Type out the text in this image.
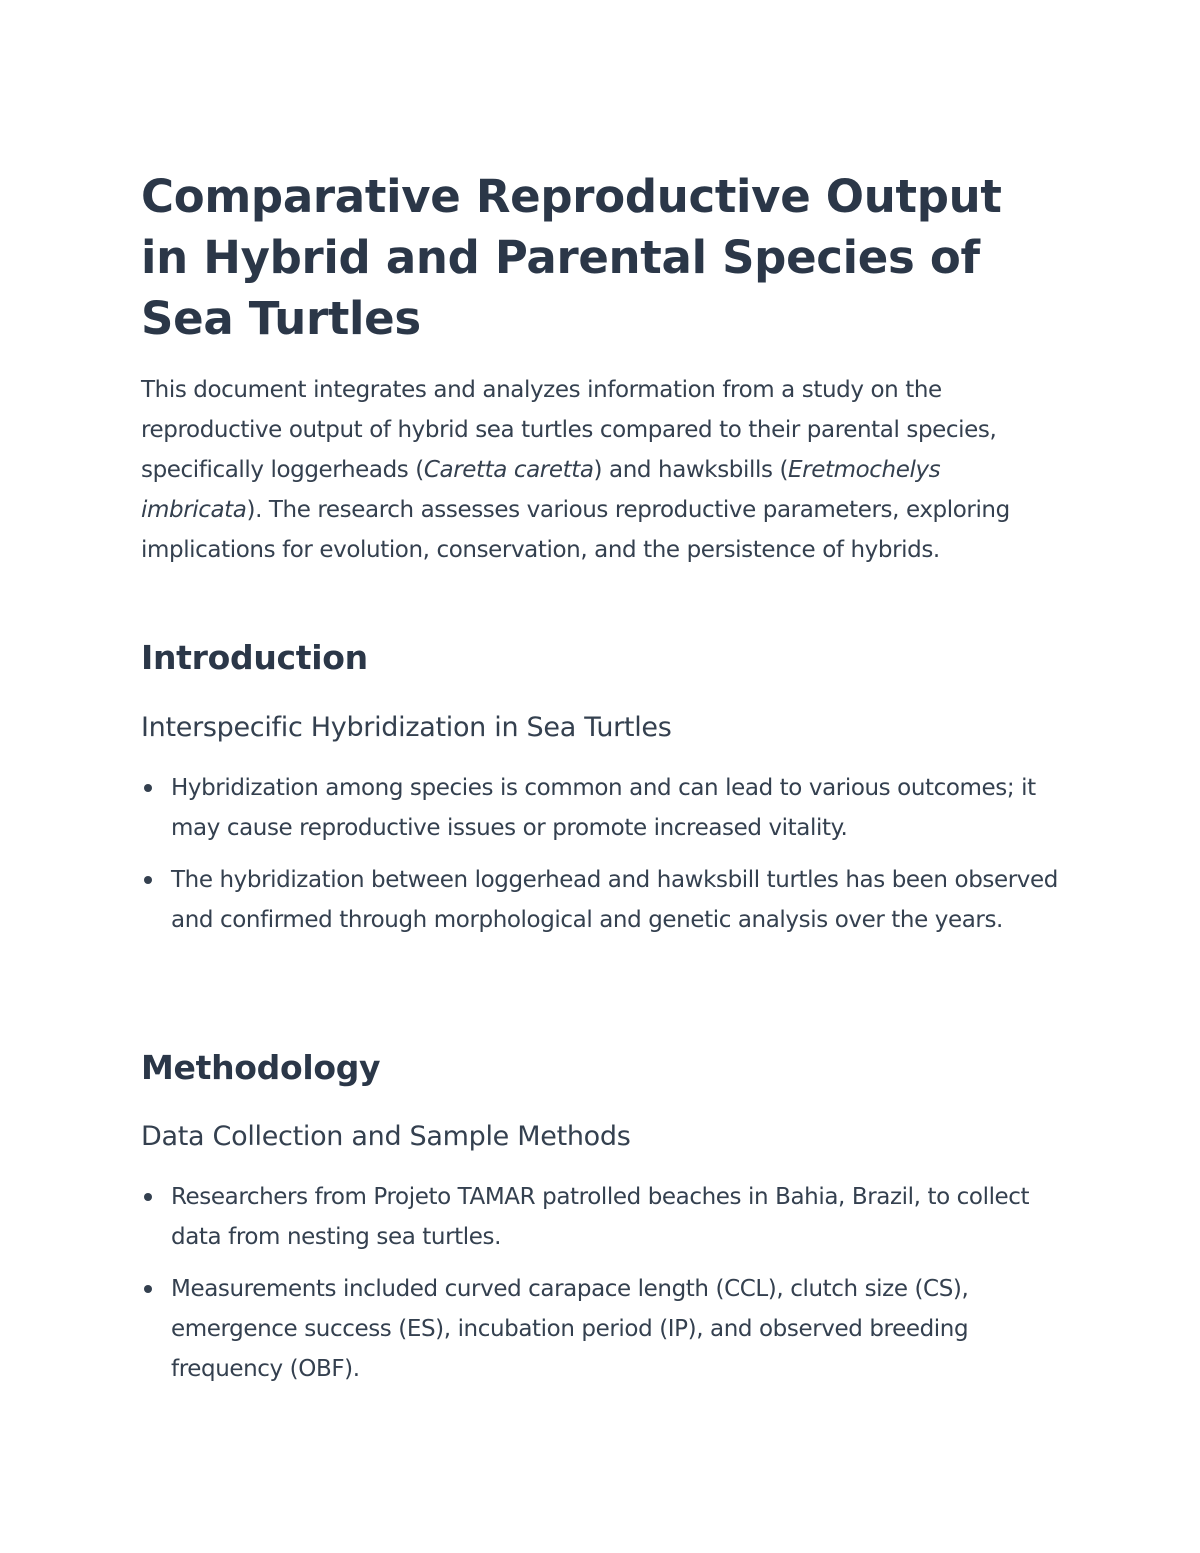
Comparative Reproductive Output in Hybrid and Parental Species of Sea Turtles

This document integrates and analyzes information from a study on the reproductive output of hybrid sea turtles compared to their parental species, specifically loggerheads (Caretta caretta) and hawksbills (Eretmochelys imbricata). The research assesses various reproductive parameters, exploring implications for evolution, conservation, and the persistence of hybrids.

Introduction
Interspecific Hybridization in Sea Turtles
Hybridization among species is common and can lead to various outcomes; it may cause reproductive issues or promote increased vitality.
The hybridization between loggerhead and hawksbill turtles has been observed and confirmed through morphological and genetic analysis over the years.
Methodology
Data Collection and Sample Methods
Researchers from Projeto TAMAR patrolled beaches in Bahia, Brazil, to collect data from nesting sea turtles.
Measurements included curved carapace length (CCL), clutch size (CS), emergence success (ES), incubation period (IP), and observed breeding frequency (OBF).
